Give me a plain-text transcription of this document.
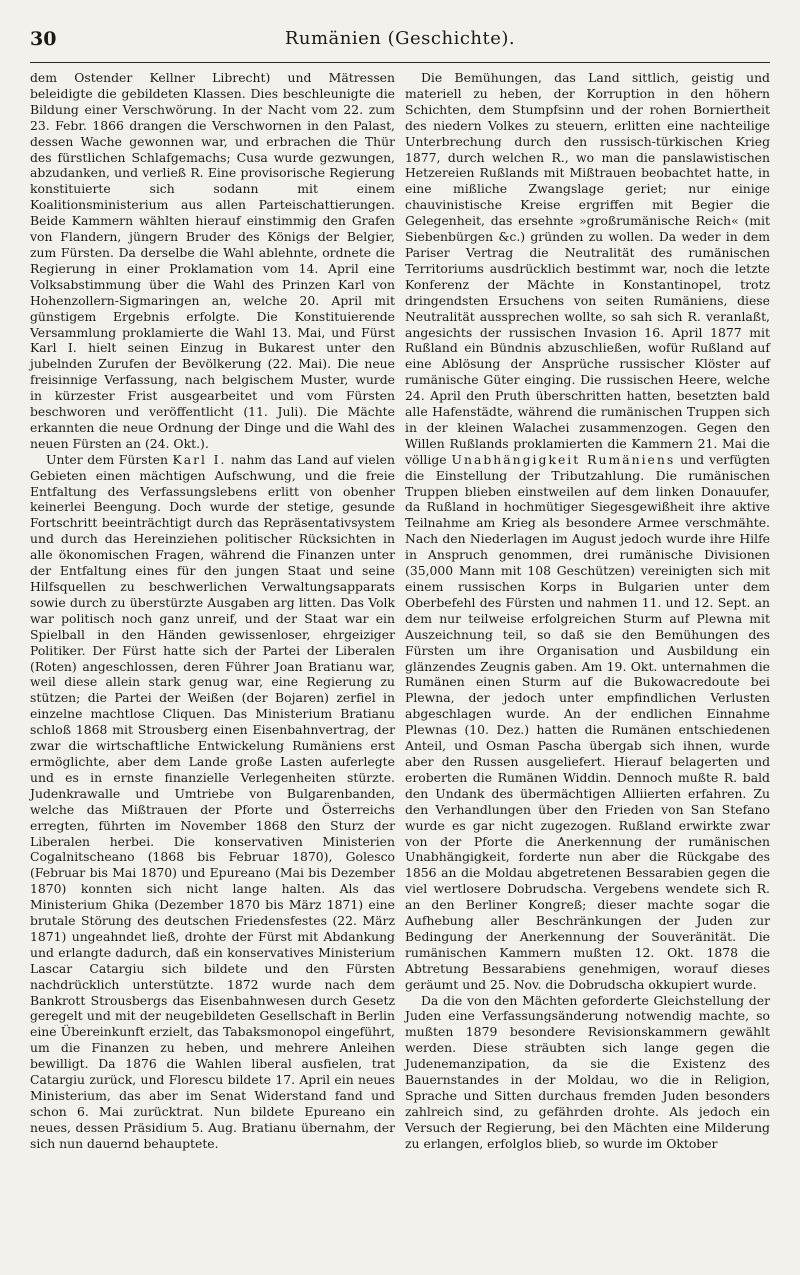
30	Rumänien (Geschichte).

dem Ostender Kellner Librecht) und Mätressen beleidigte die gebildeten Klassen. Dies beschleunigte die Bildung einer Verschwörung. In der Nacht vom 22. zum 23. Febr. 1866 drangen die Verschwornen in den Palast, dessen Wache gewonnen war, und erbrachen die Thür des fürstlichen Schlafgemachs; Cusa wurde gezwungen, abzudanken, und verließ R. Eine provisorische Regierung konstituierte sich sodann mit einem Koalitionsministerium aus allen Parteischattierungen. Beide Kammern wählten hierauf einstimmig den Grafen von Flandern, jüngern Bruder des Königs der Belgier, zum Fürsten. Da derselbe die Wahl ablehnte, ordnete die Regierung in einer Proklamation vom 14. April eine Volksabstimmung über die Wahl des Prinzen Karl von Hohenzollern-Sigmaringen an, welche 20. April mit günstigem Ergebnis erfolgte. Die Konstituierende Versammlung proklamierte die Wahl 13. Mai, und Fürst Karl I. hielt seinen Einzug in Bukarest unter den jubelnden Zurufen der Bevölkerung (22. Mai). Die neue freisinnige Verfassung, nach belgischem Muster, wurde in kürzester Frist ausgearbeitet und vom Fürsten beschworen und veröffentlicht (11. Juli). Die Mächte erkannten die neue Ordnung der Dinge und die Wahl des neuen Fürsten an (24. Okt.).

Unter dem Fürsten Karl I. nahm das Land auf vielen Gebieten einen mächtigen Aufschwung, und die freie Entfaltung des Verfassungslebens erlitt von obenher keinerlei Beengung. Doch wurde der stetige, gesunde Fortschritt beeinträchtigt durch das Repräsentativsystem und durch das Hereinziehen politischer Rücksichten in alle ökonomischen Fragen, während die Finanzen unter der Entfaltung eines für den jungen Staat und seine Hilfsquellen zu beschwerlichen Verwaltungsapparats sowie durch zu überstürzte Ausgaben arg litten. Das Volk war politisch noch ganz unreif, und der Staat war ein Spielball in den Händen gewissenloser, ehrgeiziger Politiker. Der Fürst hatte sich der Partei der Liberalen (Roten) angeschlossen, deren Führer Joan Bratianu war, weil diese allein stark genug war, eine Regierung zu stützen; die Partei der Weißen (der Bojaren) zerfiel in einzelne machtlose Cliquen. Das Ministerium Bratianu schloß 1868 mit Strousberg einen Eisenbahnvertrag, der zwar die wirtschaftliche Entwickelung Rumäniens erst ermöglichte, aber dem Lande große Lasten auferlegte und es in ernste finanzielle Verlegenheiten stürzte. Judenkrawalle und Umtriebe von Bulgarenbanden, welche das Mißtrauen der Pforte und Österreichs erregten, führten im November 1868 den Sturz der Liberalen herbei. Die konservativen Ministerien Cogalnitscheano (1868 bis Februar 1870), Golesco (Februar bis Mai 1870) und Epureano (Mai bis Dezember 1870) konnten sich nicht lange halten. Als das Ministerium Ghika (Dezember 1870 bis März 1871) eine brutale Störung des deutschen Friedensfestes (22. März 1871) ungeahndet ließ, drohte der Fürst mit Abdankung und erlangte dadurch, daß ein konservatives Ministerium Lascar Catargiu sich bildete und den Fürsten nachdrücklich unterstützte. 1872 wurde nach dem Bankrott Strousbergs das Eisenbahnwesen durch Gesetz geregelt und mit der neugebildeten Gesellschaft in Berlin eine Übereinkunft erzielt, das Tabaksmonopol eingeführt, um die Finanzen zu heben, und mehrere Anleihen bewilligt. Da 1876 die Wahlen liberal ausfielen, trat Catargiu zurück, und Florescu bildete 17. April ein neues Ministerium, das aber im Senat Widerstand fand und schon 6. Mai zurücktrat. Nun bildete Epureano ein neues, dessen Präsidium 5. Aug. Bratianu übernahm, der sich nun dauernd behauptete.

Die Bemühungen, das Land sittlich, geistig und materiell zu heben, der Korruption in den höhern Schichten, dem Stumpfsinn und der rohen Borniertheit des niedern Volkes zu steuern, erlitten eine nachteilige Unterbrechung durch den russisch-türkischen Krieg 1877, durch welchen R., wo man die panslawistischen Hetzereien Rußlands mit Mißtrauen beobachtet hatte, in eine mißliche Zwangslage geriet; nur einige chauvinistische Kreise ergriffen mit Begier die Gelegenheit, das ersehnte »großrumänische Reich« (mit Siebenbürgen &c.) gründen zu wollen. Da weder in dem Pariser Vertrag die Neutralität des rumänischen Territoriums ausdrücklich bestimmt war, noch die letzte Konferenz der Mächte in Konstantinopel, trotz dringendsten Ersuchens von seiten Rumäniens, diese Neutralität aussprechen wollte, so sah sich R. veranlaßt, angesichts der russischen Invasion 16. April 1877 mit Rußland ein Bündnis abzuschließen, wofür Rußland auf eine Ablösung der Ansprüche russischer Klöster auf rumänische Güter einging. Die russischen Heere, welche 24. April den Pruth überschritten hatten, besetzten bald alle Hafenstädte, während die rumänischen Truppen sich in der kleinen Walachei zusammenzogen. Gegen den Willen Rußlands proklamierten die Kammern 21. Mai die völlige Unabhängigkeit Rumäniens und verfügten die Einstellung der Tributzahlung. Die rumänischen Truppen blieben einstweilen auf dem linken Donauufer, da Rußland in hochmütiger Siegesgewißheit ihre aktive Teilnahme am Krieg als besondere Armee verschmähte. Nach den Niederlagen im August jedoch wurde ihre Hilfe in Anspruch genommen, drei rumänische Divisionen (35,000 Mann mit 108 Geschützen) vereinigten sich mit einem russischen Korps in Bulgarien unter dem Oberbefehl des Fürsten und nahmen 11. und 12. Sept. an dem nur teilweise erfolgreichen Sturm auf Plewna mit Auszeichnung teil, so daß sie den Bemühungen des Fürsten um ihre Organisation und Ausbildung ein glänzendes Zeugnis gaben. Am 19. Okt. unternahmen die Rumänen einen Sturm auf die Bukowacredoute bei Plewna, der jedoch unter empfindlichen Verlusten abgeschlagen wurde. An der endlichen Einnahme Plewnas (10. Dez.) hatten die Rumänen entschiedenen Anteil, und Osman Pascha übergab sich ihnen, wurde aber den Russen ausgeliefert. Hierauf belagerten und eroberten die Rumänen Widdin. Dennoch mußte R. bald den Undank des übermächtigen Alliierten erfahren. Zu den Verhandlungen über den Frieden von San Stefano wurde es gar nicht zugezogen. Rußland erwirkte zwar von der Pforte die Anerkennung der rumänischen Unabhängigkeit, forderte nun aber die Rückgabe des 1856 an die Moldau abgetretenen Bessarabien gegen die viel wertlosere Dobrudscha. Vergebens wendete sich R. an den Berliner Kongreß; dieser machte sogar die Aufhebung aller Beschränkungen der Juden zur Bedingung der Anerkennung der Souveränität. Die rumänischen Kammern mußten 12. Okt. 1878 die Abtretung Bessarabiens genehmigen, worauf dieses geräumt und 25. Nov. die Dobrudscha okkupiert wurde.

Da die von den Mächten geforderte Gleichstellung der Juden eine Verfassungsänderung notwendig machte, so mußten 1879 besondere Revisionskammern gewählt werden. Diese sträubten sich lange gegen die Judenemanzipation, da sie die Existenz des Bauernstandes in der Moldau, wo die in Religion, Sprache und Sitten durchaus fremden Juden besonders zahlreich sind, zu gefährden drohte. Als jedoch ein Versuch der Regierung, bei den Mächten eine Milderung zu erlangen, erfolglos blieb, so wurde im Oktober
